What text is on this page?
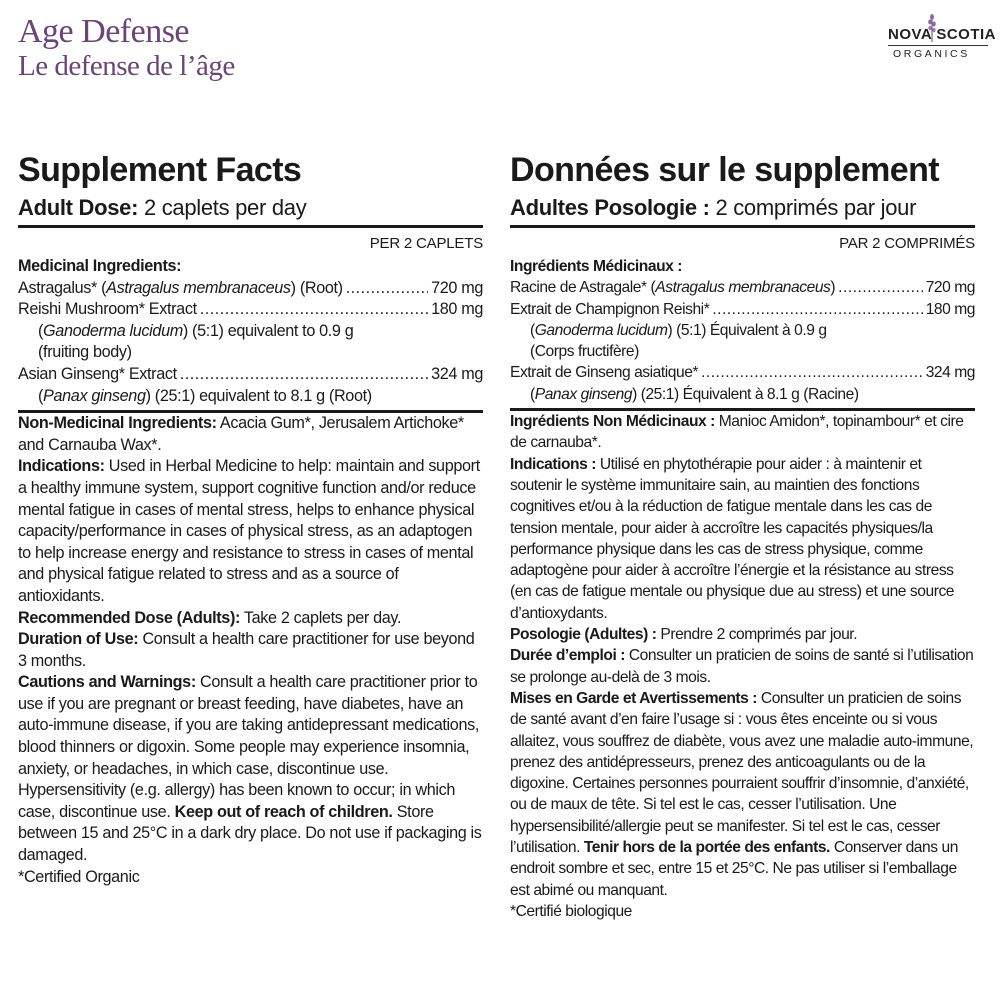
Age Defense
Le defense de l’âge
NOVA SCOTIA
ORGANICS
Supplement Facts
Adult Dose: 2 caplets per day
PER 2 CAPLETS
Medicinal Ingredients:
Astragalus* (Astragalus membranaceus) (Root) .....	720 mg
Reishi Mushroom* Extract .....	180 mg
(Ganoderma lucidum) (5:1) equivalent to 0.9 g
(fruiting body)
Asian Ginseng* Extract .....	324 mg
(Panax ginseng) (25:1) equivalent to 8.1 g (Root)

Non-Medicinal Ingredients: Acacia Gum*, Jerusalem Artichoke* and Carnauba Wax*.

Indications: Used in Herbal Medicine to help: maintain and support a healthy immune system, support cognitive function and/or reduce mental fatigue in cases of mental stress, helps to enhance physical capacity/performance in cases of physical stress, as an adaptogen to help increase energy and resistance to stress in cases of mental and physical fatigue related to stress and as a source of antioxidants.

Recommended Dose (Adults): Take 2 caplets per day.

Duration of Use: Consult a health care practitioner for use beyond 3 months.

Cautions and Warnings: Consult a health care practitioner prior to use if you are pregnant or breast feeding, have diabetes, have an auto-immune disease, if you are taking antidepressant medications, blood thinners or digoxin. Some people may experience insomnia, anxiety, or headaches, in which case, discontinue use. Hypersensitivity (e.g. allergy) has been known to occur; in which case, discontinue use. Keep out of reach of children. Store between 15 and 25°C in a dark dry place. Do not use if packaging is damaged.

*Certified Organic

Données sur le supplement
Adultes Posologie : 2 comprimés par jour
PAR 2 COMPRIMÉS
Ingrédients Médicinaux :
Racine de Astragale* (Astragalus membranaceus) .....	720 mg
Extrait de Champignon Reishi* .....	180 mg
(Ganoderma lucidum) (5:1) Équivalent à 0.9 g
(Corps fructifère)
Extrait de Ginseng asiatique* .....	324 mg
(Panax ginseng) (25:1) Équivalent à 8.1 g (Racine)

Ingrédients Non Médicinaux : Manioc Amidon*, topinambour* et cire de carnauba*.

Indications : Utilisé en phytothérapie pour aider : à maintenir et soutenir le système immunitaire sain, au maintien des fonctions cognitives et/ou à la réduction de fatigue mentale dans les cas de tension mentale, pour aider à accroître les capacités physiques/la performance physique dans les cas de stress physique, comme adaptogène pour aider à accroître l’énergie et la résistance au stress (en cas de fatigue mentale ou physique due au stress) et une source d’antioxydants.

Posologie (Adultes) : Prendre 2 comprimés par jour.

Durée d’emploi : Consulter un praticien de soins de santé si l’utilisation se prolonge au-delà de 3 mois.

Mises en Garde et Avertissements : Consulter un praticien de soins de santé avant d’en faire l’usage si : vous êtes enceinte ou si vous allaitez, vous souffrez de diabète, vous avez une maladie auto-immune, prenez des antidépresseurs, prenez des anticoagulants ou de la digoxine. Certaines personnes pourraient souffrir d’insomnie, d’anxiété, ou de maux de tête. Si tel est le cas, cesser l’utilisation. Une hypersensibilité/allergie peut se manifester. Si tel est le cas, cesser l’utilisation. Tenir hors de la portée des enfants. Conserver dans un endroit sombre et sec, entre 15 et 25°C. Ne pas utiliser si l’emballage est abimé ou manquant.

*Certifié biologique
